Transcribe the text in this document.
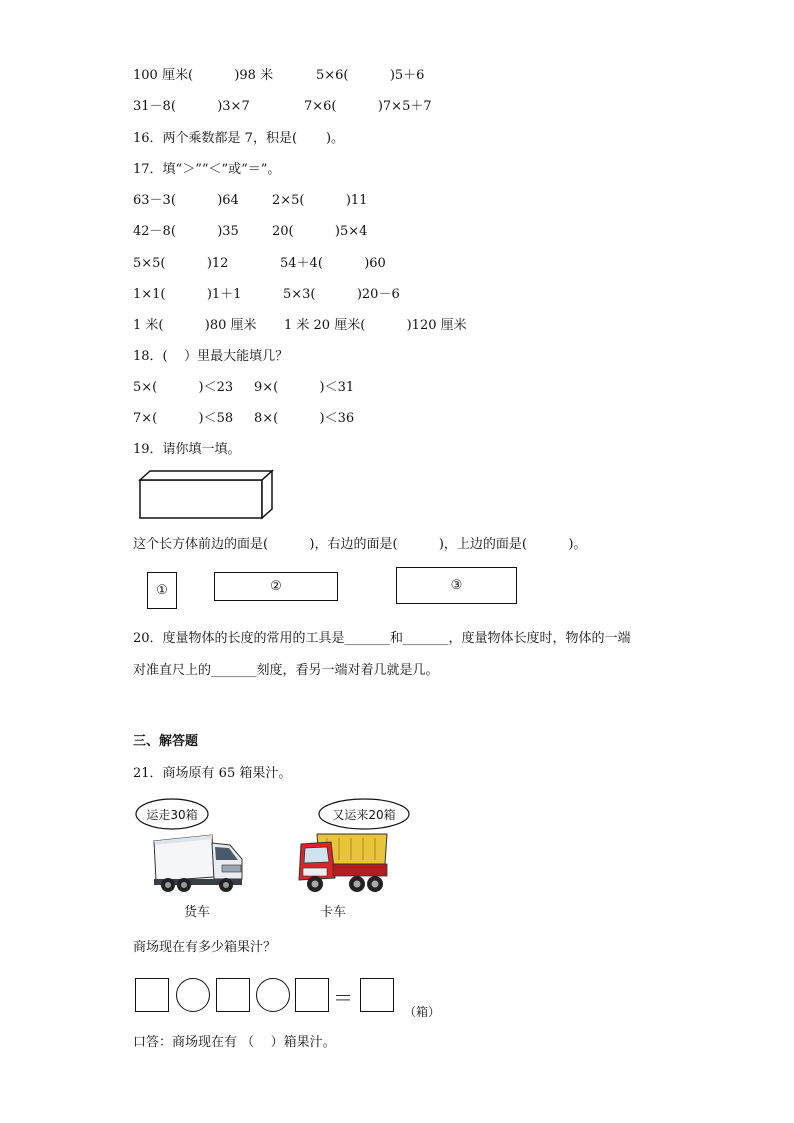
100 厘米(          )98 米	5×6(          )5＋6
31－8(          )3×7	7×6(          )7×5＋7
16．两个乘数都是 7，积是(       )。
17．填“＞”“＜”或“＝”。
63－3(          )64	2×5(          )11
42－8(          )35	20(          )5×4
5×5(          )12	54＋4(          )60
1×1(          )1＋1	5×3(          )20－6
1 米(          )80 厘米 1 米 20 厘米(          )120 厘米
18．(    ）里最大能填几？
5×(          )＜23 9×(          )＜31
7×(          )＜58 8×(          )＜36
19．请你填一填。
这个长方体前边的面是(          )，右边的面是(          )，上边的面是(          )。
①	②	③
20．度量物体的长度的常用的工具是_______和_______，度量物体长度时，物体的一端
对准直尺上的_______刻度，看另一端对着几就是几。
三、解答题
21．商场原有 65 箱果汁。
运走30箱	又运来20箱
货车	卡车
商场现在有多少箱果汁？
＝
（箱）
口答：商场现在有 （    ）箱果汁。
